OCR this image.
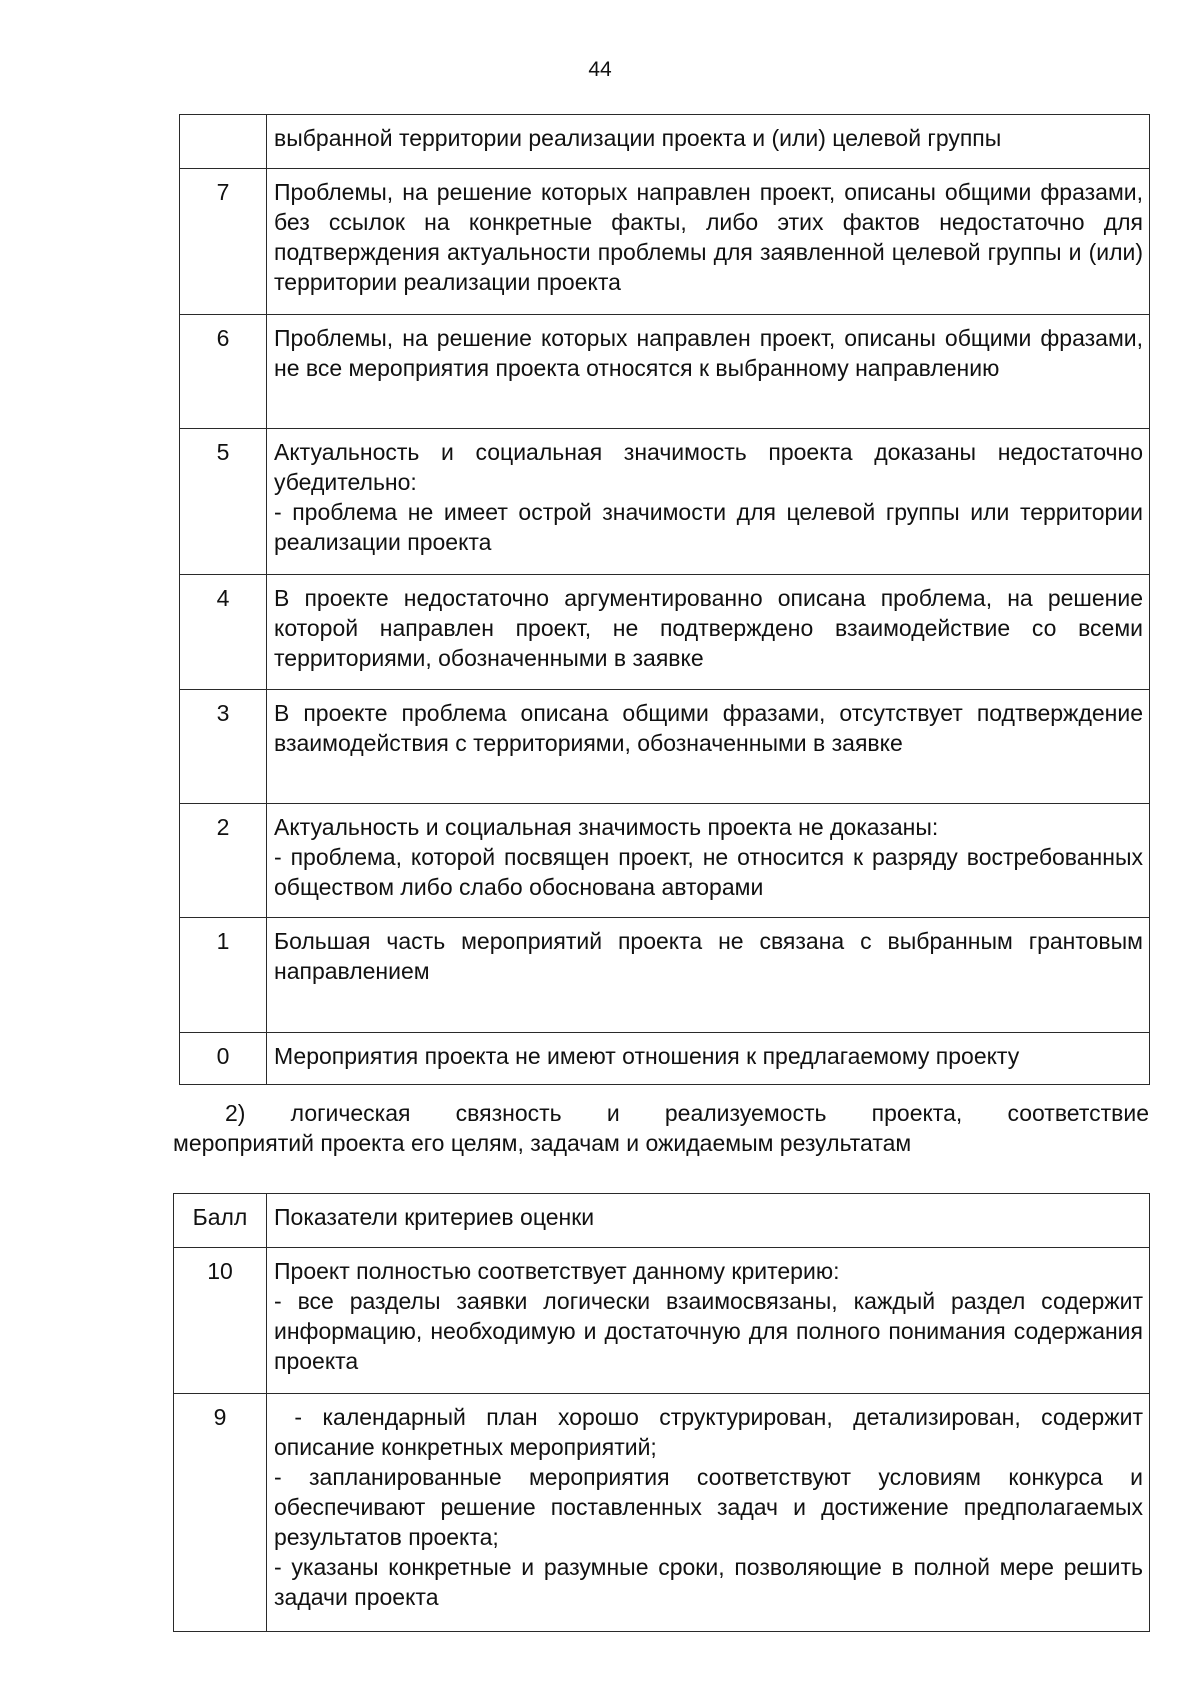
44

	выбранной территории реализации проекта и (или) целевой группы

7	Проблемы, на решение которых направлен проект, описаны общими фразами, без ссылок на конкретные факты, либо этих фактов недостаточно для подтверждения актуальности проблемы для заявленной целевой группы и (или) территории реализации проекта

6	Проблемы, на решение которых направлен проект, описаны общими фразами, не все мероприятия проекта относятся к выбранному направлению

5	Актуальность и социальная значимость проекта доказаны недостаточно убедительно:
- проблема не имеет острой значимости для целевой группы или территории реализации проекта

4	В проекте недостаточно аргументированно описана проблема, на решение которой направлен проект, не подтверждено взаимодействие со всеми территориями, обозначенными в заявке

3	В проекте проблема описана общими фразами, отсутствует подтверждение взаимодействия с территориями, обозначенными в заявке

2	Актуальность и социальная значимость проекта не доказаны:
- проблема, которой посвящен проект, не относится к разряду востребованных обществом либо слабо обоснована авторами

1	Большая часть мероприятий проекта не связана с выбранным грантовым направлением

0	Мероприятия проекта не имеют отношения к предлагаемому проекту
2) логическая связность и реализуемость проекта, соответствие
мероприятий проекта его целям, задачам и ожидаемым результатам
Балл	Показатели критериев оценки
10	Проект полностью соответствует данному критерию:
- все разделы заявки логически взаимосвязаны, каждый раздел содержит информацию, необходимую и достаточную для полного понимания содержания проекта

9	- календарный план хорошо структурирован, детализирован, содержит описание конкретных мероприятий;
- запланированные мероприятия соответствуют условиям конкурса и обеспечивают решение поставленных задач и достижение предполагаемых результатов проекта;
- указаны конкретные и разумные сроки, позволяющие в полной мере решить задачи проекта
